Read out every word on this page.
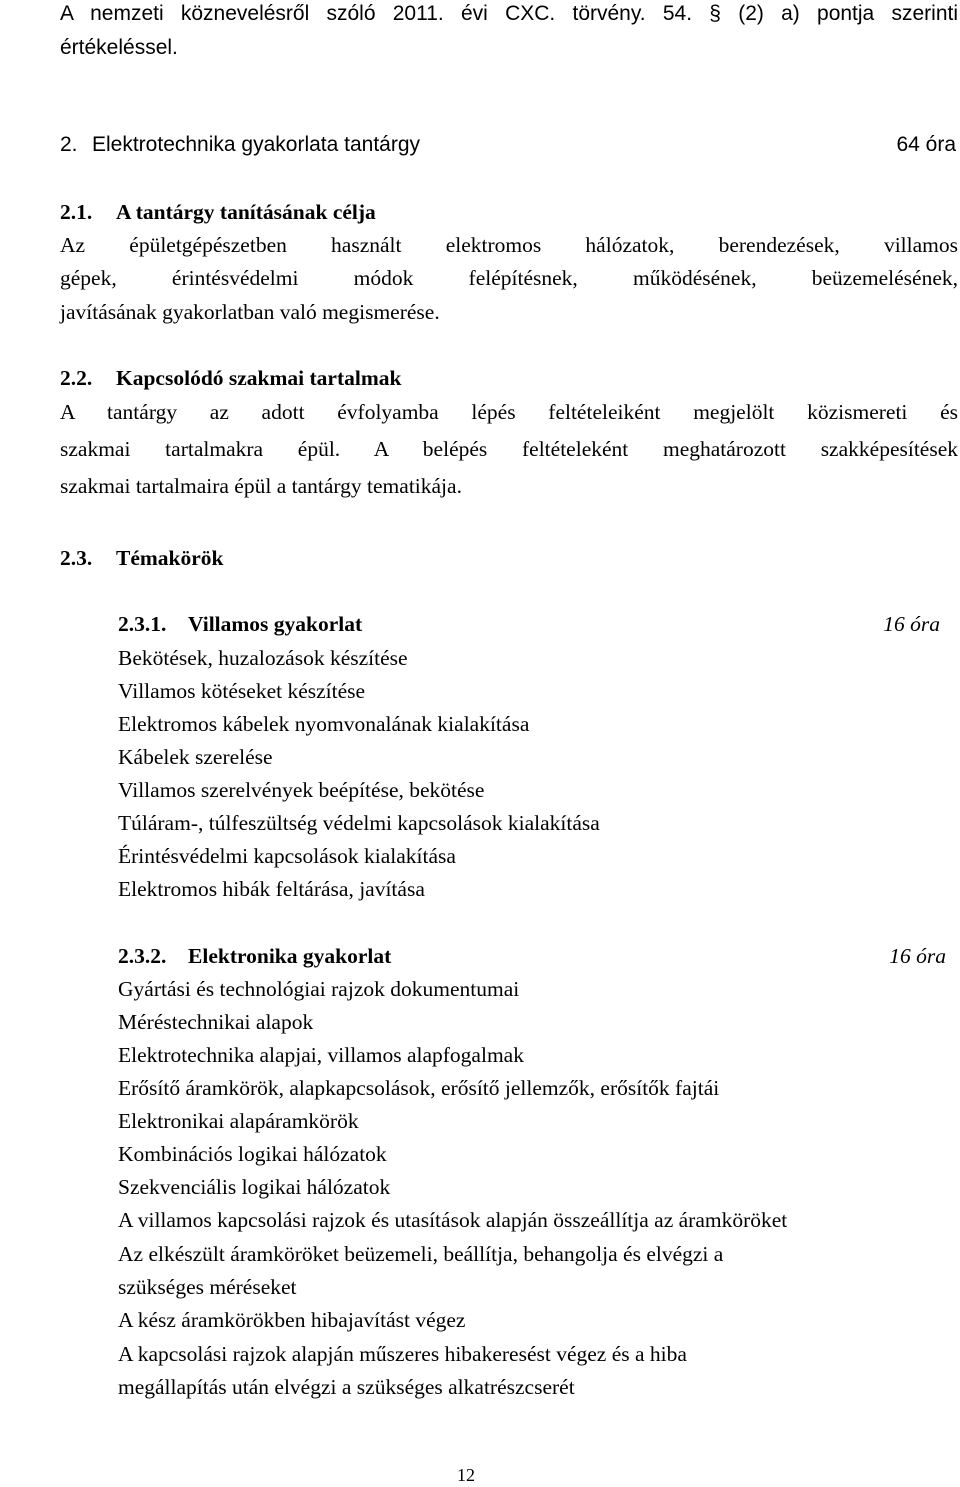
A nemzeti köznevelésről szóló 2011. évi CXC. törvény. 54. § (2) a) pontja szerinti
értékeléssel.
2. Elektrotechnika gyakorlata tantárgy	64 óra
2.1. A tantárgy tanításának célja
Az épületgépészetben használt elektromos hálózatok, berendezések, villamos
gépek, érintésvédelmi módok felépítésnek, működésének, beüzemelésének,
javításának gyakorlatban való megismerése.
2.2. Kapcsolódó szakmai tartalmak
A tantárgy az adott évfolyamba lépés feltételeiként megjelölt közismereti és
szakmai tartalmakra épül. A belépés feltételeként meghatározott szakképesítések
szakmai tartalmaira épül a tantárgy tematikája.
2.3. Témakörök
2.3.1. Villamos gyakorlat	16 óra
Bekötések, huzalozások készítése
Villamos kötéseket készítése
Elektromos kábelek nyomvonalának kialakítása
Kábelek szerelése
Villamos szerelvények beépítése, bekötése
Túláram-, túlfeszültség védelmi kapcsolások kialakítása
Érintésvédelmi kapcsolások kialakítása
Elektromos hibák feltárása, javítása
2.3.2. Elektronika gyakorlat	16 óra
Gyártási és technológiai rajzok dokumentumai
Méréstechnikai alapok
Elektrotechnika alapjai, villamos alapfogalmak
Erősítő áramkörök, alapkapcsolások, erősítő jellemzők, erősítők fajtái
Elektronikai alapáramkörök
Kombinációs logikai hálózatok
Szekvenciális logikai hálózatok
A villamos kapcsolási rajzok és utasítások alapján összeállítja az áramköröket
Az elkészült áramköröket beüzemeli, beállítja, behangolja és elvégzi a
szükséges méréseket
A kész áramkörökben hibajavítást végez
A kapcsolási rajzok alapján műszeres hibakeresést végez és a hiba
megállapítás után elvégzi a szükséges alkatrészcserét
12
